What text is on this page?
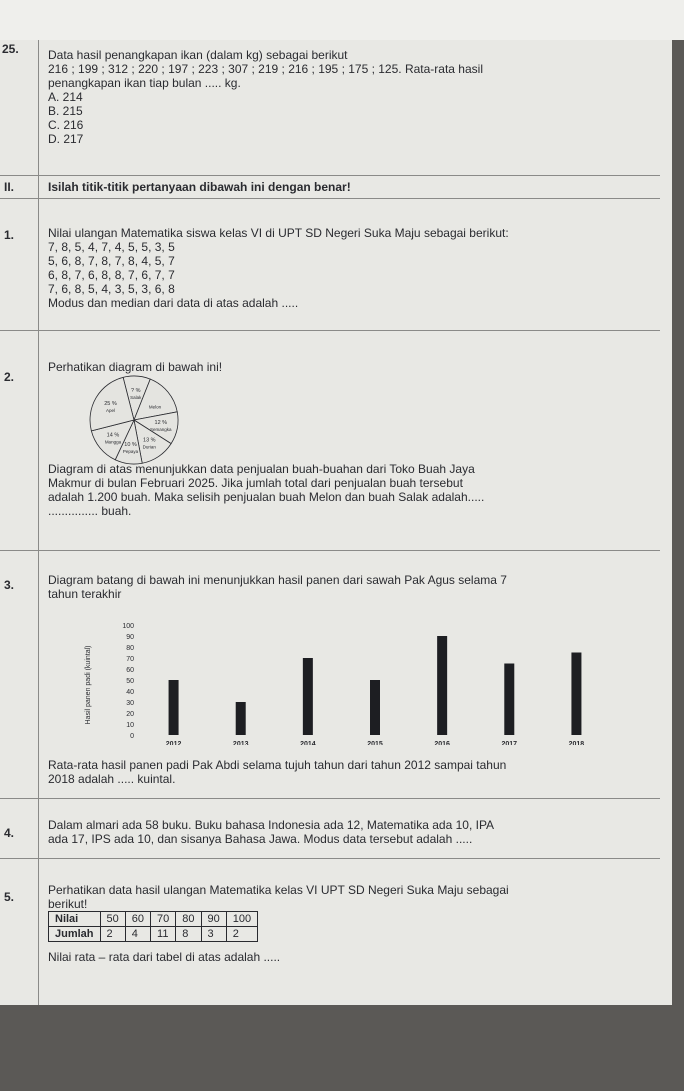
25. Data hasil penangkapan ikan (dalam kg) sebagai berikut
216 ; 199 ; 312 ; 220 ; 197 ; 223 ; 307 ; 219 ; 216 ; 195 ; 175 ; 125. Rata-rata hasil
penangkapan ikan tiap bulan ..... kg.
A. 214
B. 215
C. 216
D. 217
II.	Isilah titik-titik pertanyaan dibawah ini dengan benar!
1.	Nilai ulangan Matematika siswa kelas VI di UPT SD Negeri Suka Maju sebagai berikut:
7, 8, 5, 4, 7, 4, 5, 5, 3, 5
5, 6, 8, 7, 8, 7, 8, 4, 5, 7
6, 8, 7, 6, 8, 8, 7, 6, 7, 7
7, 6, 8, 5, 4, 3, 5, 3, 6, 8
Modus dan median dari data di atas adalah .....
2.
Perhatikan diagram di bawah ini!
? %
Salak
Melon
12 %
Semangka
13 %
Durian
10 %
Pepaya
14 %
Mangga
25 %
Apel
Diagram di atas menunjukkan data penjualan buah-buahan dari Toko Buah Jaya
Makmur di bulan Februari 2025. Jika jumlah total dari penjualan buah tersebut
adalah 1.200 buah. Maka selisih penjualan buah Melon dan buah Salak adalah.....
............... buah.
3.	Diagram batang di bawah ini menunjukkan hasil panen dari sawah Pak Agus selama 7
tahun terakhir
Hasil panen padi (kuintal)
0
10
20
30
40
50
60
70
80
90
100
2012	2013	2014	2015	2016	2017	2018
Rata-rata hasil panen padi Pak Abdi selama tujuh tahun dari tahun 2012 sampai tahun
2018 adalah ..... kuintal.
4.
Dalam almari ada 58 buku. Buku bahasa Indonesia ada 12, Matematika ada 10, IPA
ada 17, IPS ada 10, dan sisanya Bahasa Jawa. Modus data tersebut adalah .....
5.	Perhatikan data hasil ulangan Matematika kelas VI UPT SD Negeri Suka Maju sebagai
berikut!
Nilai	50	60	70	80	90	100
Jumlah	2	4	11	8	3	2
Nilai rata – rata dari tabel di atas adalah .....
